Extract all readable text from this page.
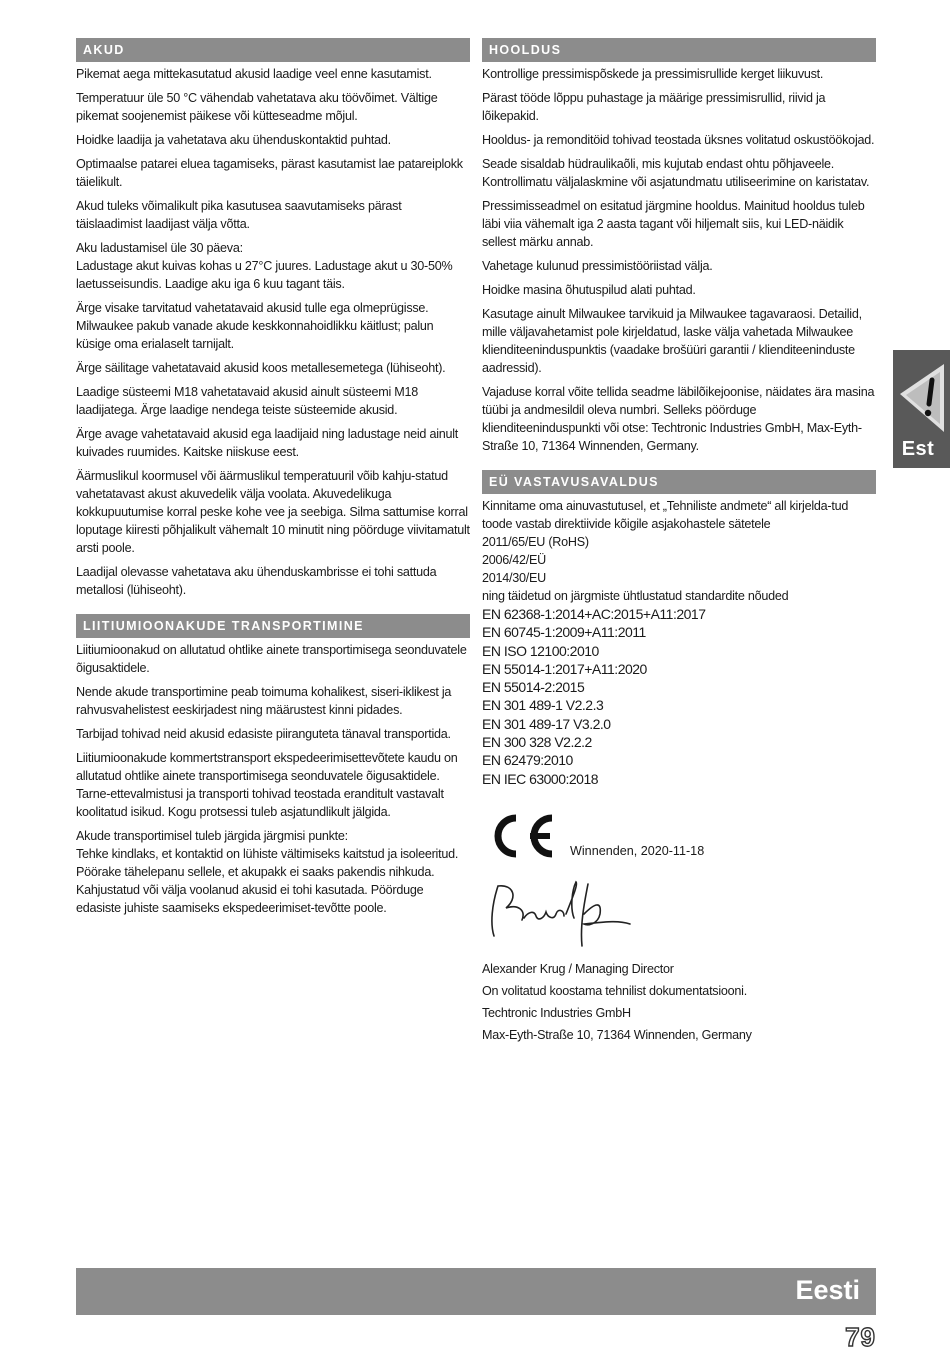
AKUD

Pikemat aega mittekasutatud akusid laadige veel enne kasutamist.

Temperatuur üle 50 °C vähendab vahetatava aku töövõimet. Vältige pikemat soojenemist päikese või kütteseadme mõjul.

Hoidke laadija ja vahetatava aku ühenduskontaktid puhtad.

Optimaalse patarei eluea tagamiseks, pärast kasutamist lae patareiplokk täielikult.

Akud tuleks võimalikult pika kasutusea saavutamiseks pärast täislaadimist laadijast välja võtta.

Aku ladustamisel üle 30 päeva:
Ladustage akut kuivas kohas u 27°C juures. Ladustage akut u 30-50% laetusseisundis. Laadige aku iga 6 kuu tagant täis.

Ärge visake tarvitatud vahetatavaid akusid tulle ega olmeprügisse. Milwaukee pakub vanade akude keskkonnahoidlikku käitlust; palun küsige oma erialaselt tarnijalt.

Ärge säilitage vahetatavaid akusid koos metallesemetega (lühiseoht).

Laadige süsteemi M18 vahetatavaid akusid ainult süsteemi M18 laadijatega. Ärge laadige nendega teiste süsteemide akusid.

Ärge avage vahetatavaid akusid ega laadijaid ning ladustage neid ainult kuivades ruumides. Kaitske niiskuse eest.

Äärmuslikul koormusel või äärmuslikul temperatuuril võib kahju-statud vahetatavast akust akuvedelik välja voolata. Akuvedelikuga kokkupuutumise korral peske kohe vee ja seebiga. Silma sattumise korral loputage kiiresti põhjalikult vähemalt 10 minutit ning pöörduge viivitamatult arsti poole.

Laadijal olevasse vahetatava aku ühenduskambrisse ei tohi sattuda metallosi (lühiseoht).

LIITIUMIOONAKUDE TRANSPORTIMINE

Liitiumioonakud on allutatud ohtlike ainete transportimisega seonduvatele õigusaktidele.

Nende akude transportimine peab toimuma kohalikest, siseri-iklikest ja rahvusvahelistest eeskirjadest ning määrustest kinni pidades.

Tarbijad tohivad neid akusid edasiste piiranguteta tänaval transportida.

Liitiumioonakude kommertstransport ekspedeerimisettevõtete kaudu on allutatud ohtlike ainete transportimisega seonduvatele õigusaktidele. Tarne-ettevalmistusi ja transporti tohivad teostada eranditult vastavalt koolitatud isikud. Kogu protsessi tuleb asjatundlikult jälgida.

Akude transportimisel tuleb järgida järgmisi punkte:
Tehke kindlaks, et kontaktid on lühiste vältimiseks kaitstud ja isoleeritud. Pöörake tähelepanu sellele, et akupakk ei saaks pakendis nihkuda. Kahjustatud või välja voolanud akusid ei tohi kasutada. Pöörduge edasiste juhiste saamiseks ekspedeerimiset-tevõtte poole.

HOOLDUS

Kontrollige pressimispõskede ja pressimisrullide kerget liikuvust.

Pärast tööde lõppu puhastage ja määrige pressimisrullid, riivid ja lõikepakid.

Hooldus- ja remonditöid tohivad teostada üksnes volitatud oskustöökojad.

Seade sisaldab hüdraulikaõli, mis kujutab endast ohtu põhjaveele. Kontrollimatu väljalaskmine või asjatundmatu utiliseerimine on karistatav.

Pressimisseadmel on esitatud järgmine hooldus. Mainitud hooldus tuleb läbi viia vähemalt iga 2 aasta tagant või hiljemalt siis, kui LED-näidik sellest märku annab.

Vahetage kulunud pressimistööriistad välja.

Hoidke masina õhutuspilud alati puhtad.

Kasutage ainult Milwaukee tarvikuid ja Milwaukee tagavaraosi. Detailid, mille väljavahetamist pole kirjeldatud, laske välja vahetada Milwaukee klienditeeninduspunktis (vaadake brošüüri garantii / klienditeeninduste aadressid).

Vajaduse korral võite tellida seadme läbilõikejoonise, näidates ära masina tüübi ja andmesildil oleva numbri. Selleks pöörduge klienditeeninduspunkti või otse: Techtronic Industries GmbH, Max-Eyth-Straße 10, 71364 Winnenden, Germany.

EÜ VASTAVUSAVALDUS

Kinnitame oma ainuvastutusel, et „Tehniliste andmete“ all kirjelda-tud toode vastab direktiivide kõigile asjakohastele sätetele

2011/65/EU (RoHS)

2006/42/EÜ

2014/30/EU

ning täidetud on järgmiste ühtlustatud standardite nõuded

EN 62368-1:2014+AC:2015+A11:2017

EN 60745-1:2009+A11:2011

EN ISO 12100:2010

EN 55014-1:2017+A11:2020

EN 55014-2:2015

EN 301 489-1 V2.2.3

EN 301 489-17 V3.2.0

EN 300 328 V2.2.2

EN 62479:2010

EN IEC 63000:2018

Winnenden, 2020-11-18

Alexander Krug / Managing Director

On volitatud koostama tehnilist dokumentatsiooni.

Techtronic Industries GmbH

Max-Eyth-Straße 10, 71364 Winnenden, Germany

Est
Eesti
79
